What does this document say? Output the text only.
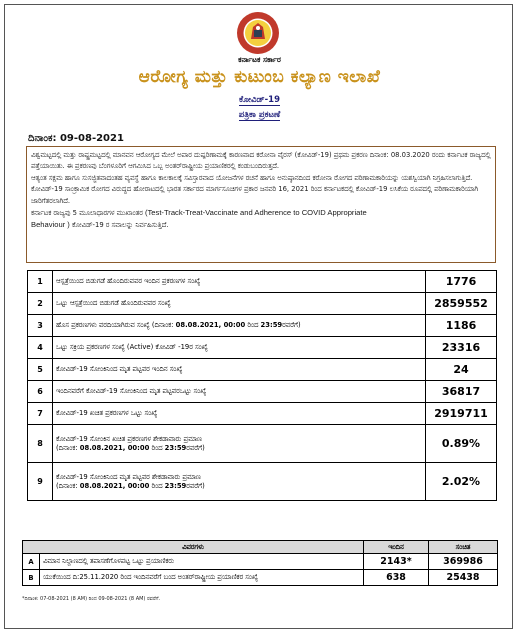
ಕರ್ನಾಟಕ ಸರ್ಕಾರ
ಆರೋಗ್ಯ ಮತ್ತು ಕುಟುಂಬ ಕಲ್ಯಾಣ ಇಲಾಖೆ
ಕೋವಿಡ್-19
ಪತ್ರಿಕಾ ಪ್ರಕಟಣೆ
ದಿನಾಂಕ: 09-08-2021

ವಿಶ್ವಮಟ್ಟದಲ್ಲಿ ಮತ್ತು ರಾಷ್ಟ್ರಮಟ್ಟದಲ್ಲಿ ಮಾನವನ ಆರೋಗ್ಯದ ಮೇಲೆ ಅಪಾರ ದುಷ್ಪರಿಣಾಮಕ್ಕೆ ಕಾರಣವಾದ ಕರೋನಾ ವೈರಸ್ (ಕೋವಿಡ್-19) ಪ್ರಥಮ ಪ್ರಕರಣ ದಿನಾಂಕ: 08.03.2020 ರಂದು ಕರ್ನಾಟಕ ರಾಜ್ಯದಲ್ಲಿ ಪತ್ತೆಯಾಯಿತು. ಈ ಪ್ರಕರಣವು ಬೆಂಗಳೂರಿಗೆ ಆಗಮಿಸಿದ ಒಬ್ಬ ಅಂತರ್‌ರಾಷ್ಟ್ರೀಯ ಪ್ರಯಾಣಿಕರಲ್ಲಿ ಕಂಡುಬಂದಿರುತ್ತದೆ.

ಆತ್ಯಂತ ಸಕ್ಷಮ ಹಾಗೂ ಸುಸಜ್ಜಿತವಾದಂತಹ ವ್ಯವಸ್ಥೆ ಹಾಗೂ ಕಾಲಕಾಲಕ್ಕೆ ಸವಿಸ್ತಾರವಾದ ಯೋಜನೆಗಳ ರಚನೆ ಹಾಗೂ ಅನುಷ್ಠಾನದಿಂದ ಕರೋನಾ ರೋಗದ ಪರಿಣಾಮಕಾರಿಯನ್ನು ಯಶಸ್ವಿಯಾಗಿ ನಿಗ್ರಹಿಸಲಾಗುತ್ತಿದೆ.

ಕೋವಿಡ್-19 ಸಾಂಕ್ರಾಮಿಕ ರೋಗದ ವಿರುದ್ಧದ ಹೋರಾಟದಲ್ಲಿ ಭಾರತ ಸರ್ಕಾರದ ಮಾರ್ಗಸೂಚಿಗಳ ಪ್ರಕಾರ ಜನವರಿ 16, 2021 ರಿಂದ ಕರ್ನಾಟಕದಲ್ಲಿ ಕೋವಿಡ್-19 ಲಸಿಕೆಯ ರೂಪದಲ್ಲಿ ಪರಿಣಾಮಕಾರಿಯಾಗಿ ಜಾರಿಗೆತರಲಾಗಿದೆ.

ಕರ್ನಾಟಕ ರಾಜ್ಯವು 5 ಮೂಲಾಧಾರಗಳ ಮುಖಾಂತರ (Test-Track-Treat-Vaccinate and Adherence to COVID Appropriate
Behaviour ) ಕೋವಿಡ್-19 ರ ಸವಾಲನ್ನು ನಿರ್ವಹಿಸುತ್ತಿದೆ.

1	ಆಸ್ಪತ್ರೆಯಿಂದ ಬಿಡುಗಡೆ ಹೊಂದಿರುವವರ ಇಂದಿನ ಪ್ರಕರಣಗಳ ಸಂಖ್ಯೆ	1776
2	ಒಟ್ಟು ಆಸ್ಪತ್ರೆಯಿಂದ ಬಿಡುಗಡೆ ಹೊಂದಿರುವವರ ಸಂಖ್ಯೆ	2859552
3	ಹೊಸ ಪ್ರಕರಣಗಳು ವರದಿಯಾಗಿರುವ ಸಂಖ್ಯೆ (ದಿನಾಂಕ: 08.08.2021, 00:00 ರಿಂದ 23:59ರವರೆಗೆ)	1186
4	ಒಟ್ಟು ಸಕ್ರಿಯ ಪ್ರಕರಣಗಳ ಸಂಖ್ಯೆ (Active) ಕೋವಿಡ್ -19ರ ಸಂಖ್ಯೆ	23316
5	ಕೋವಿಡ್-19 ಸೋಂಕಿನಿಂದ ಮೃತ ಪಟ್ಟವರ ಇಂದಿನ ಸಂಖ್ಯೆ	24
6	ಇಂದಿನವರೆಗೆ ಕೋವಿಡ್-19 ಸೋಂಕಿನಿಂದ ಮೃತ ಪಟ್ಟವರಒಟ್ಟು ಸಂಖ್ಯೆ	36817
7	ಕೋವಿಡ್-19 ಖಚಿತ ಪ್ರಕರಣಗಳ ಒಟ್ಟು ಸಂಖ್ಯೆ	2919711
8	ಕೋವಿಡ್-19 ಸೋಂಕಿನ ಖಚಿತ ಪ್ರಕರಣಗಳ ಶೇಕಡಾವಾರು ಪ್ರಮಾಣ
(ದಿನಾಂಕ: 08.08.2021, 00:00 ರಿಂದ 23:59ರವರೆಗೆ)	0.89%
9	ಕೋವಿಡ್-19 ಸೋಂಕಿನಿಂದ ಮೃತ ಪಟ್ಟವರ ಶೇಕಡಾವಾರು ಪ್ರಮಾಣ
(ದಿನಾಂಕ: 08.08.2021, 00:00 ರಿಂದ 23:59ರವರೆಗೆ)	2.02%
ವಿವರಗಳು		ಇಂದಿನ	ಸಂಚಿತ
A	ವಿಮಾನ ನಿಲ್ದಾಣದಲ್ಲಿ ತಪಾಸಣೆಗೊಳಪಟ್ಟ ಒಟ್ಟು ಪ್ರಯಾಣಿಕರು	2143*	369986
B	ಯುಕೆಯಿಂದ ದಿ:25.11.2020 ರಿಂದ ಇಂದಿನವರೆಗೆ ಬಂದ ಅಂತರ್‌ರಾಷ್ಟ್ರೀಯ ಪ್ರಯಾಣಿಕರ ಸಂಖ್ಯೆ	638	25438
*ದಿನಾಂಕ: 07-08-2021 (8 AM) ರಿಂದ 09-08-2021 (8 AM) ರವರೆಗೆ.
